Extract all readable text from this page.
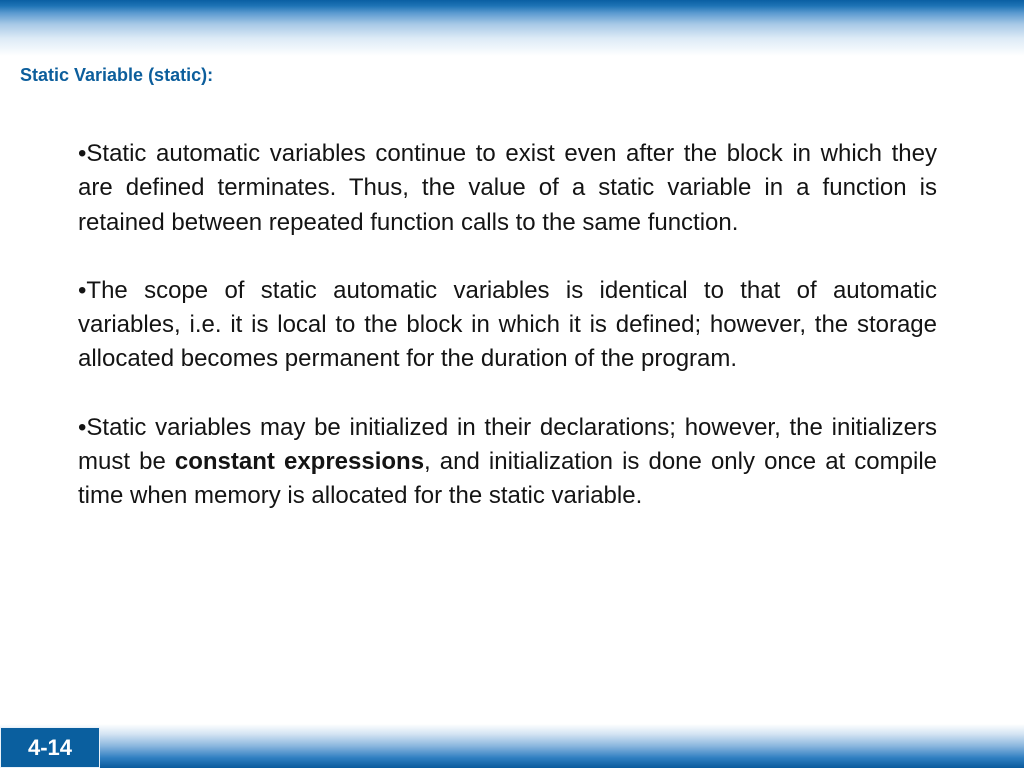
Static Variable (static):

•Static automatic variables continue to exist even after the block in which they are defined terminates. Thus, the value of a static variable in a function is retained between repeated function calls to the same function.

•The scope of static automatic variables is identical to that of automatic variables, i.e. it is local to the block in which it is defined; however, the storage allocated becomes permanent for the duration of the program.

•Static variables may be initialized in their declarations; however, the initializers must be constant expressions, and initialization is done only once at compile time when memory is allocated for the static variable.

4-14
